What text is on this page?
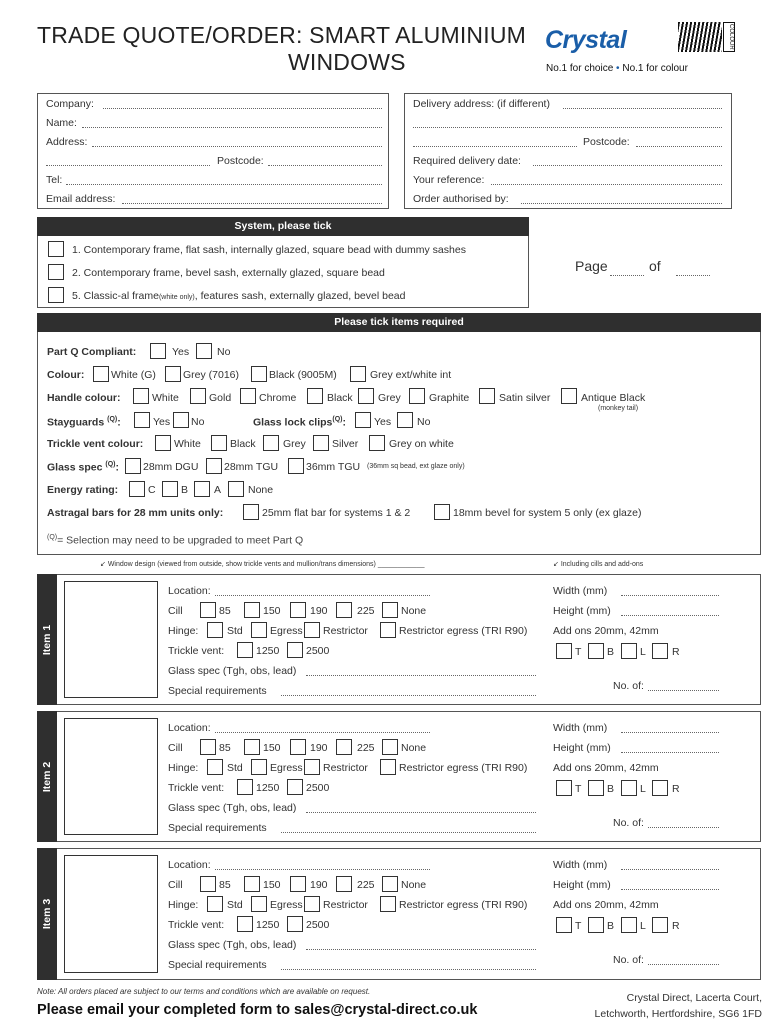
TRADE QUOTE/ORDER: SMART ALUMINIUM
WINDOWS
Crystal	COLOUR
No.1 for choice • No.1 for colour
Company:
Name:
Address:
Postcode:
Tel:
Email address:
Delivery address: (if different)
Postcode:
Required delivery date:
Your reference:
Order authorised by:
System, please tick
1. Contemporary frame, flat sash, internally glazed, square bead with dummy sashes
2. Contemporary frame, bevel sash, externally glazed, square bead
5. Classic-al frame(white only), features sash, externally glazed, bevel bead
Page	of
Please tick items required
Part Q Compliant:	Yes	No
Colour:	White (G)	Grey (7016)	Black (9005M)	Grey ext/white int
Handle colour:	White	Gold	Chrome	Black Grey	Graphite	Satin silver	Antique Black
(monkey tail)
Stayguards $^{(Q)}$:	Yes No	Glass lock clips$^{(Q)}$:	Yes No
Trickle vent colour:	White	Black	Grey Silver	Grey on white
Glass spec $^{(Q)}$: 28mm DGU 28mm TGU	36mm TGU (36mm sq bead, ext glaze only)
Energy rating:	C B A	None
Astragal bars for 28 mm units only:	25mm flat bar for systems 1 & 2	18mm bevel for system 5 only (ex glaze)
$^{(Q)}$= Selection may need to be upgraded to meet Part Q
↙ Window design (viewed from outside, show trickle vents and mullion/trans dimensions) ____________	↙ Including cills and add-ons
Item 1
Location:
Cill	85	150	190	225	None
Hinge:	Std	Egress Restrictor	Restrictor egress (TRI R90)
Trickle vent:	1250	2500
Glass spec (Tgh, obs, lead)
Special requirements
Width (mm)
Height (mm)
Add ons 20mm, 42mm
T B L R
No. of:
Item 2
Location:
Cill	85	150	190	225	None
Hinge:	Std	Egress Restrictor	Restrictor egress (TRI R90)
Trickle vent:	1250	2500
Glass spec (Tgh, obs, lead)
Special requirements
Width (mm)
Height (mm)
Add ons 20mm, 42mm
T B L R
No. of:
Item 3
Location:
Cill	85	150	190	225	None
Hinge:	Std	Egress Restrictor	Restrictor egress (TRI R90)
Trickle vent:	1250	2500
Glass spec (Tgh, obs, lead)
Special requirements
Width (mm)
Height (mm)
Add ons 20mm, 42mm
T B L R
No. of:
Note: All orders placed are subject to our terms and conditions which are available on request.
Please email your completed form to sales@crystal-direct.co.uk
Crystal Direct, Lacerta Court,
Letchworth, Hertfordshire, SG6 1FD
